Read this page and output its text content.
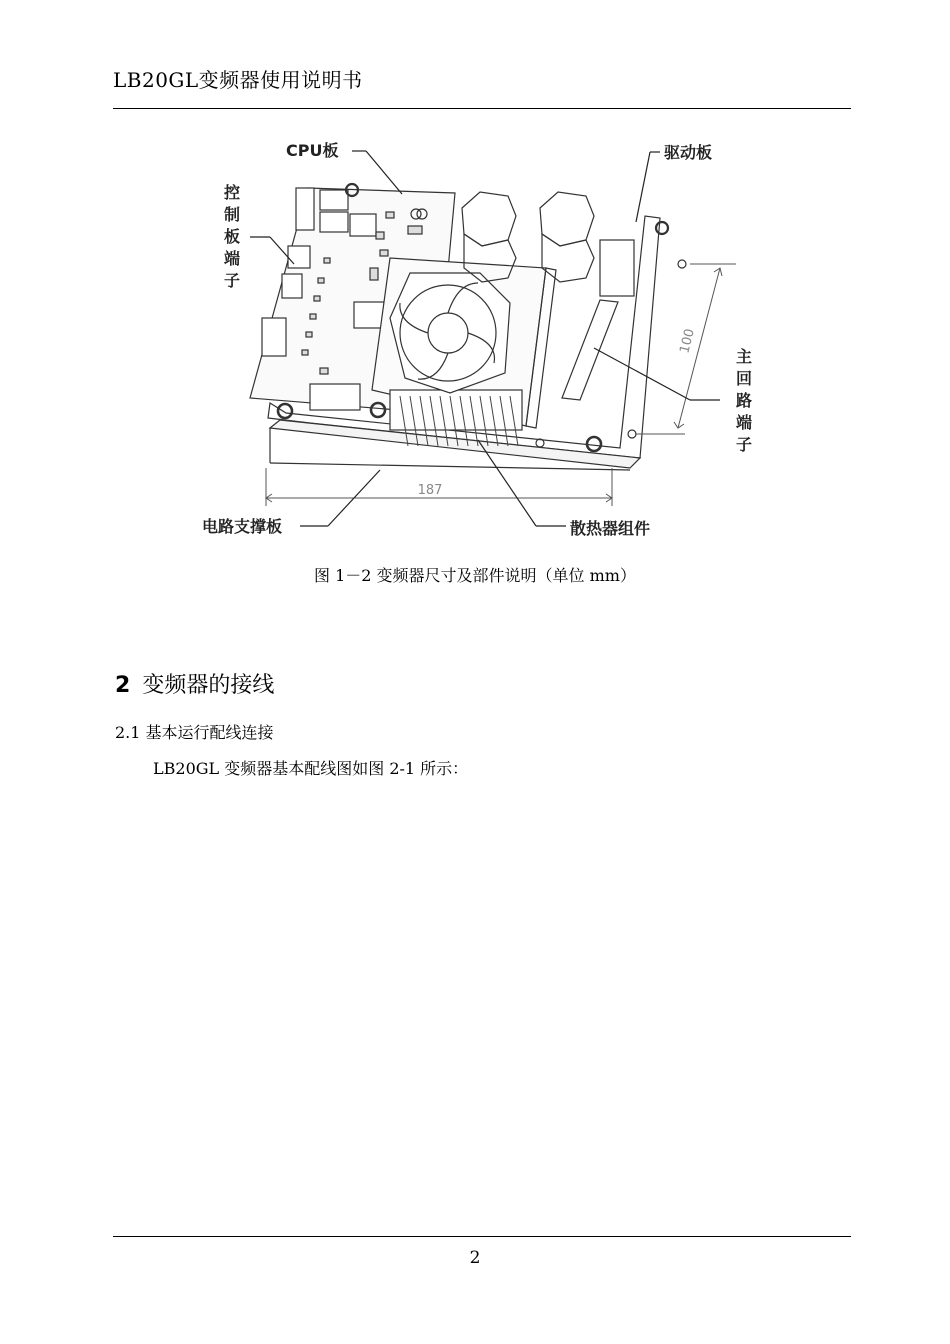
LB20GL变频器使用说明书
187
100
CPU板	驱动板
控
制
板
端
子
主
回
路
端
子
电路支撑板	散热器组件
图 1－2 变频器尺寸及部件说明（单位 mm）
2 变频器的接线
2.1 基本运行配线连接
LB20GL 变频器基本配线图如图 2-1 所示：
2
